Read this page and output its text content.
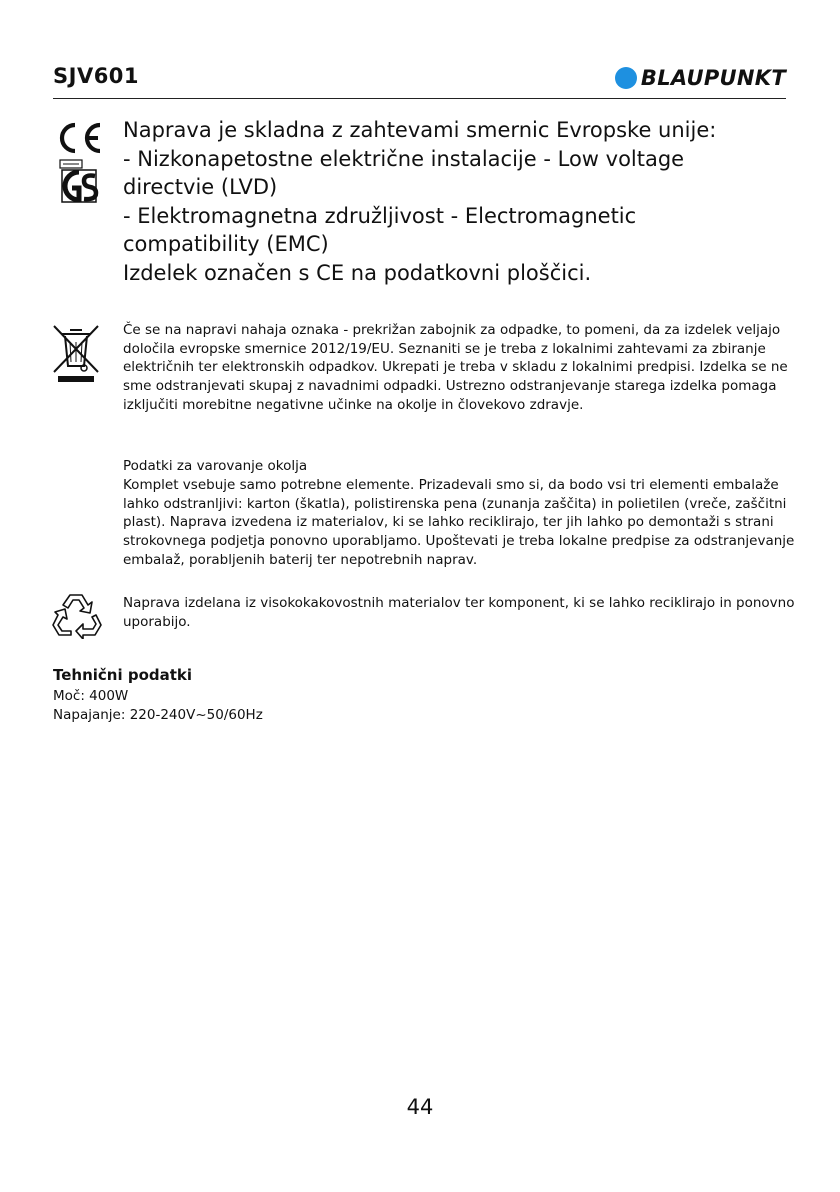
SJV601	BLAUPUNKT

Naprava je skladna z zahtevami smernic Evropske unije:
- Nizkonapetostne električne instalacije - Low voltage
directvie (LVD)
- Elektromagnetna združljivost - Electromagnetic
compatibility (EMC)
Izdelek označen s CE na podatkovni ploščici.

Če se na napravi nahaja oznaka - prekrižan zabojnik za odpadke, to pomeni, da za izdelek veljajo določila evropske smernice 2012/19/EU. Seznaniti se je treba z lokalnimi zahtevami za zbiranje električnih ter elektronskih odpadkov. Ukrepati je treba v skladu z lokalnimi predpisi. Izdelka se ne sme odstranjevati skupaj z navadnimi odpadki. Ustrezno odstranjevanje starega izdelka pomaga izključiti morebitne negativne učinke na okolje in človekovo zdravje.

Podatki za varovanje okolja

Komplet vsebuje samo potrebne elemente. Prizadevali smo si, da bodo vsi tri elementi embalaže lahko odstranljivi: karton (škatla), polistirenska pena (zunanja zaščita) in polietilen (vreče, zaščitni plast). Naprava izvedena iz materialov, ki se lahko reciklirajo, ter jih lahko po demontaži s strani strokovnega podjetja ponovno uporabljamo. Upoštevati je treba lokalne predpise za odstranjevanje embalaž, porabljenih baterij ter nepotrebnih naprav.

Naprava izdelana iz visokokakovostnih materialov ter komponent, ki se lahko reciklirajo in ponovno uporabijo.

Tehnični podatki

Moč: 400W

Napajanje: 220-240V~50/60Hz

44
